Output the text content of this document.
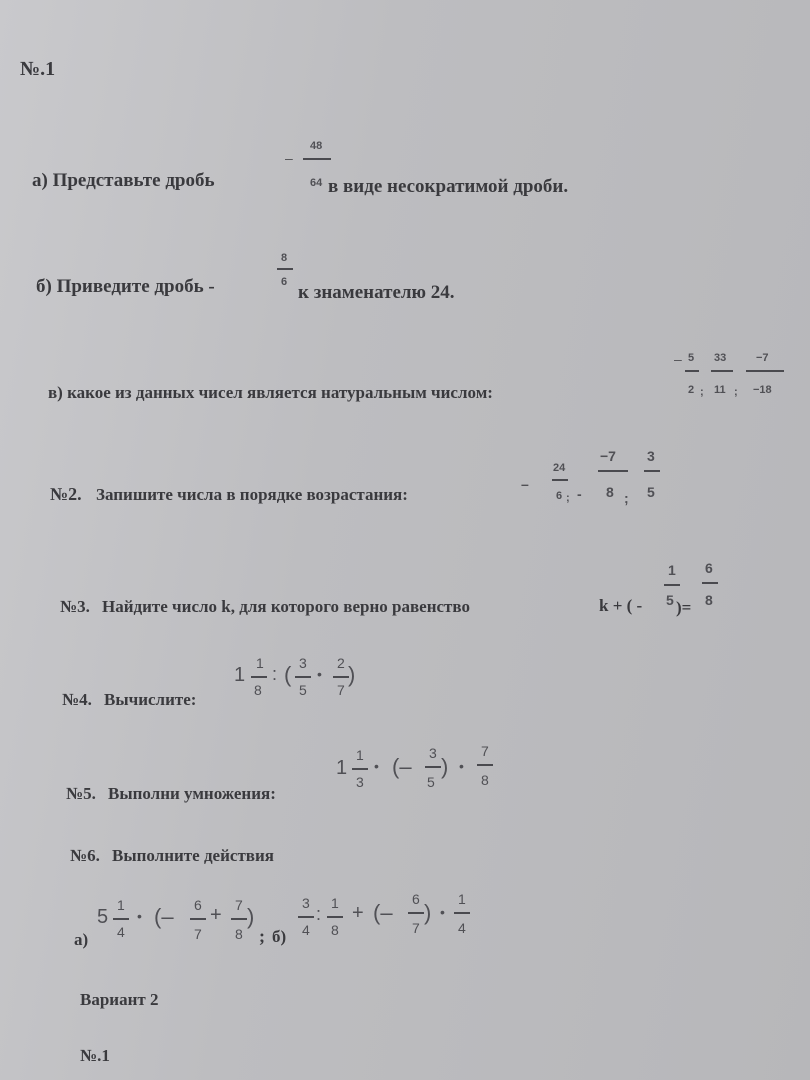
№.1
а) Представьте дробь
–
48
64 в виде несократимой дроби.
б) Приведите дробь -
8
6 к знаменателю 24.
в) какое из данных чисел является натуральным числом:
– 5
2 ;
33
11 ;
−7
−18
№2. Запишите числа в порядке возрастания:
–
24
6 ; -
−7
8 ;
3
5
№3. Найдите число k, для которого верно равенство	k + ( -
1
5 )=
6
8
№4. Вычислите:
1
1
8
: ( 3
5
•
2
7
)
№5. Выполни умножения:
1
1
3
• (–
3
5
) •
7
8
№6. Выполните действия
а)
5
1
4
• (– 6
7
+ 7
8
)
; б)
3
4
:
1
8
+ (–
6
7
) •
1
4
Вариант 2
№.1
